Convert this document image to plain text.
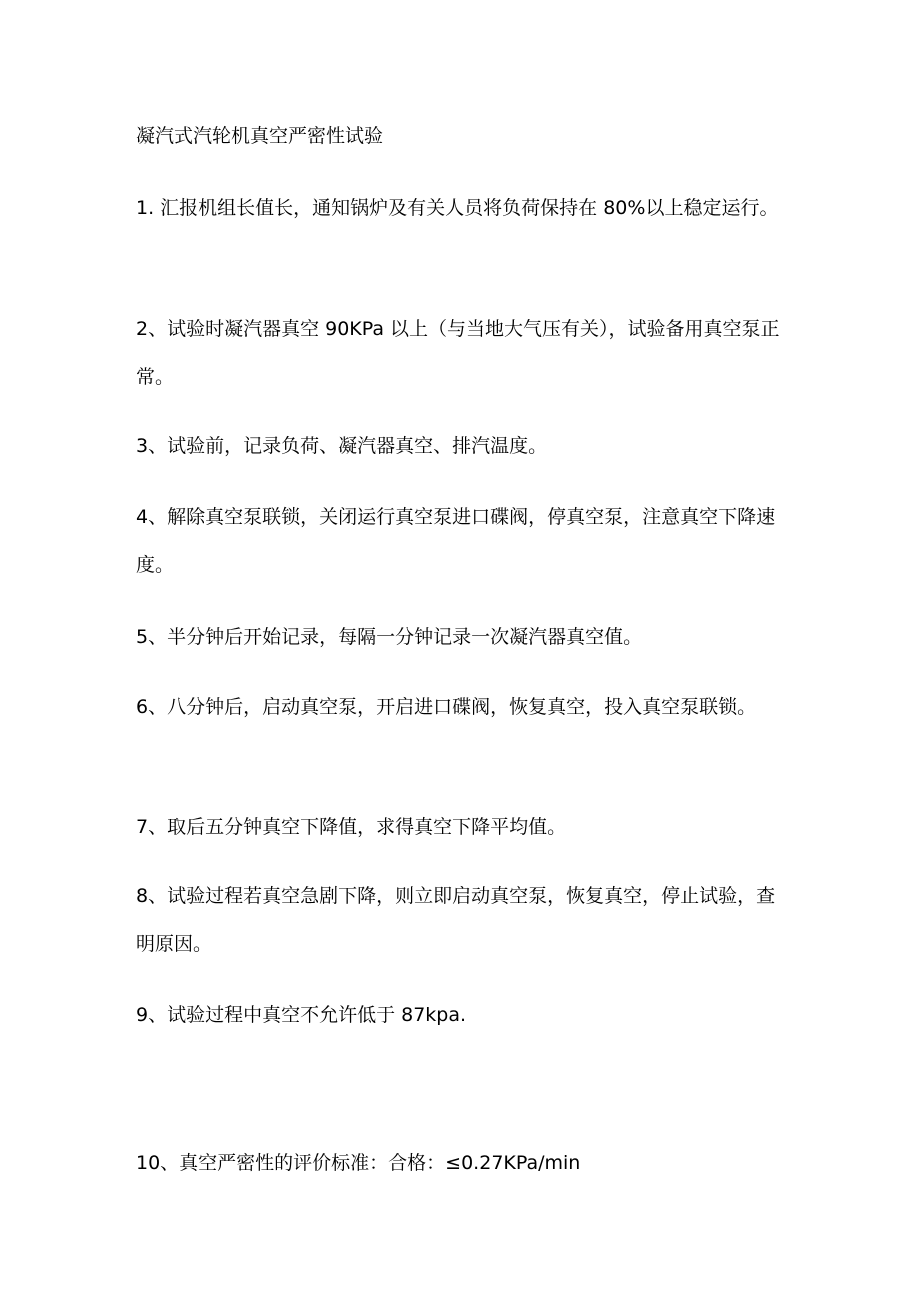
凝汽式汽轮机真空严密性试验

1. 汇报机组长值长，通知锅炉及有关人员将负荷保持在 80%以上稳定运行。

2、试验时凝汽器真空 90KPa 以上（与当地大气压有关），试验备用真空泵正常。

3、试验前，记录负荷、凝汽器真空、排汽温度。

4、解除真空泵联锁，关闭运行真空泵进口碟阀，停真空泵，注意真空下降速度。

5、半分钟后开始记录，每隔一分钟记录一次凝汽器真空值。

6、八分钟后，启动真空泵，开启进口碟阀，恢复真空，投入真空泵联锁。

7、取后五分钟真空下降值，求得真空下降平均值。

8、试验过程若真空急剧下降，则立即启动真空泵，恢复真空，停止试验，查明原因。

9、试验过程中真空不允许低于 87kpa.

10、真空严密性的评价标准：合格：≤0.27KPa/min
